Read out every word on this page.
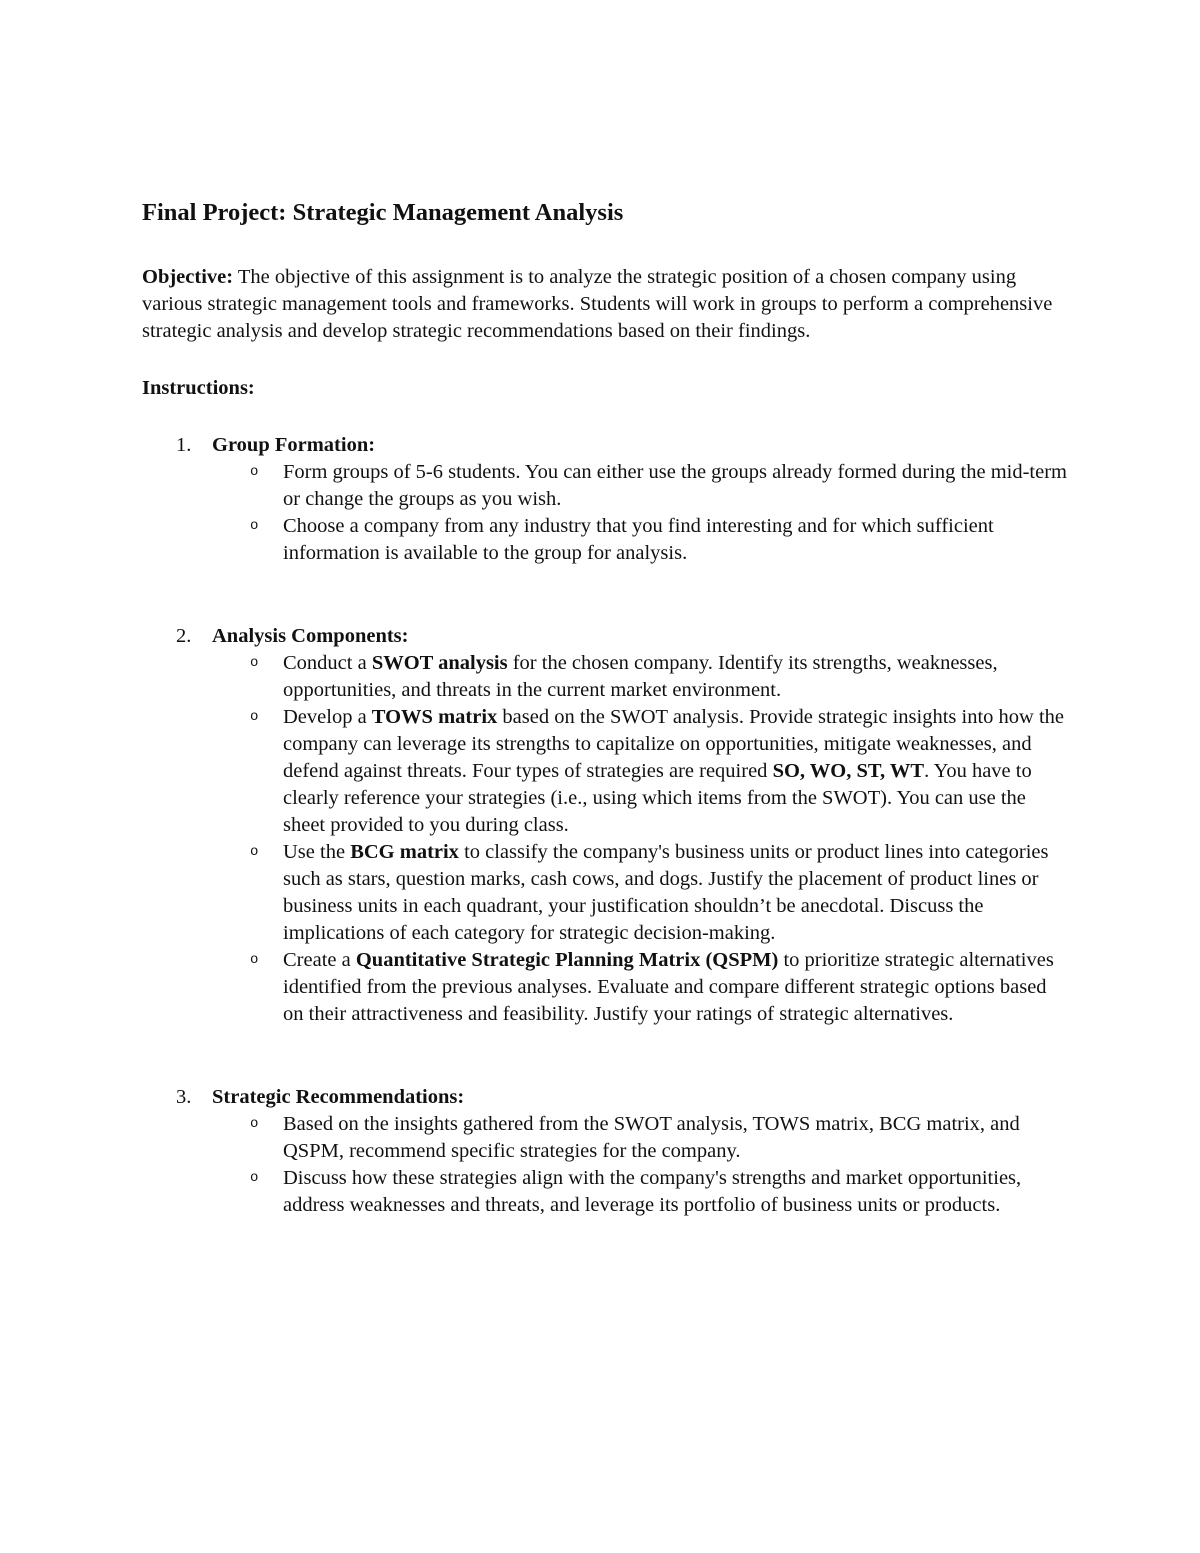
Final Project: Strategic Management Analysis

Objective: The objective of this assignment is to analyze the strategic position of a chosen company using various strategic management tools and frameworks. Students will work in groups to perform a comprehensive strategic analysis and develop strategic recommendations based on their findings.

Instructions:
1. Group Formation:
o Form groups of 5-6 students. You can either use the groups already formed during the mid-term or change the groups as you wish.
o Choose a company from any industry that you find interesting and for which sufficient information is available to the group for analysis.
2. Analysis Components:
o Conduct a SWOT analysis for the chosen company. Identify its strengths, weaknesses, opportunities, and threats in the current market environment.
o Develop a TOWS matrix based on the SWOT analysis. Provide strategic insights into how the company can leverage its strengths to capitalize on opportunities, mitigate weaknesses, and defend against threats. Four types of strategies are required SO, WO, ST, WT. You have to clearly reference your strategies (i.e., using which items from the SWOT). You can use the sheet provided to you during class.
o Use the BCG matrix to classify the company's business units or product lines into categories such as stars, question marks, cash cows, and dogs. Justify the placement of product lines or business units in each quadrant, your justification shouldn’t be anecdotal. Discuss the implications of each category for strategic decision-making.
o Create a Quantitative Strategic Planning Matrix (QSPM) to prioritize strategic alternatives identified from the previous analyses. Evaluate and compare different strategic options based on their attractiveness and feasibility. Justify your ratings of strategic alternatives.
3. Strategic Recommendations:
o Based on the insights gathered from the SWOT analysis, TOWS matrix, BCG matrix, and QSPM, recommend specific strategies for the company.
o Discuss how these strategies align with the company's strengths and market opportunities, address weaknesses and threats, and leverage its portfolio of business units or products.
